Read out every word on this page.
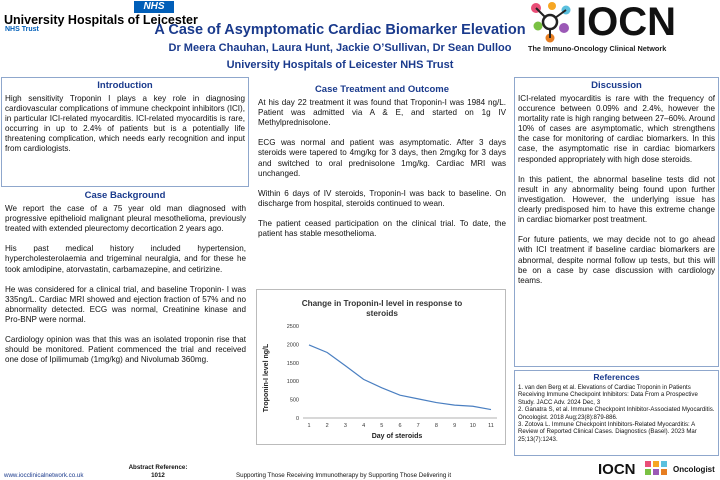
NHS
University Hospitals of Leicester
NHS Trust	A Case of Asymptomatic Cardiac Biomarker Elevation
Dr Meera Chauhan, Laura Hunt, Jackie O’Sullivan, Dr Sean Dulloo
University Hospitals of Leicester NHS Trust
IOCN
The Immuno-Oncology Clinical Network
Introduction

High sensitivity Troponin I plays a key role in diagnosing cardiovascular complications of immune checkpoint inhibitors (ICI), in particular ICI-related myocarditis. ICI-related myocarditis is rare, occurring in up to 2.4% of patients but is a potentially life threatening complication, which needs early recognition and input from cardiologists.

Case Background

We report the case of a 75 year old man diagnosed with progressive epithelioid malignant pleural mesothelioma, previously treated with extended pleurectomy decortication 2 years ago.

His past medical history included hypertension, hypercholesterolaemia and trigeminal neuralgia, and for these he took amlodipine, atorvastatin, carbamazepine, and cetirizine.

He was considered for a clinical trial, and baseline Troponin- I was 335ng/L. Cardiac MRI showed and ejection fraction of 57% and no abnormality detected. ECG was normal, Creatinine kinase and Pro-BNP were normal.

Cardiology opinion was that this was an isolated troponin rise that should be monitored. Patient commenced the trial and received one dose of Ipilimumab (1mg/kg) and Nivolumab 360mg.

Case Treatment and Outcome

At his day 22 treatment it was found that Troponin-I was 1984 ng/L. Patient was admitted via A & E, and started on 1g IV Methylprednisolone.

ECG was normal and patient was asymptomatic. After 3 days steroids were tapered to 4mg/kg for 3 days, then 2mg/kg for 3 days and switched to oral prednisolone 1mg/kg. Cardiac MRI was unchanged.

Within 6 days of IV steroids, Troponin-I was back to baseline. On discharge from hospital, steroids continued to wean.

The patient ceased participation on the clinical trial. To date, the patient has stable mesothelioma.

Change in Troponin-I level in response to
steroids
0
500
1000
1500
2000
2500
1	2	3	4	5	6	7	8	9 10 11
Troponin-I level ng/L
Day of steroids
Discussion

ICI-related myocarditis is rare with the frequency of occurence between 0.09% and 2.4%, however the mortality rate is high ranging between 27–60%. Around 10% of cases are asymptomatic, which strengthens the case for monitoring of cardiac biomarkers. In this case, the asymptomatic rise in cardiac biomarkers responded appropriately with high dose steroids.

In this patient, the abnormal baseline tests did not result in any abnormality being found upon further investigation. However, the underlying issue has clearly predisposed him to have this extreme change in cardiac biomarker post treatment.

For future patients, we may decide not to go ahead with ICI treatment if baseline cardiac biomarkers are abnormal, despite normal follow up tests, but this will be on a case by case discussion with cardiology teams.

References
1. van den Berg et al. Elevations of Cardiac Troponin in Patients Receiving Immune Checkpoint Inhibitors: Data From a Prospective Study. JACC Adv. 2024 Dec, 3
2. Ganatra S, et al. Immune Checkpoint Inhibitor-Associated Myocarditis. Oncologist. 2018 Aug;23(8):879-886.
3. Zotova L. Immune Checkpoint Inhibitors-Related Myocarditis: A Review of Reported Clinical Cases. Diagnostics (Basel). 2023 Mar 25;13(7):1243.
www.iocclinicalnetwork.co.uk
Abstract Reference:
1012	Supporting Those Receiving Immunotherapy by Supporting Those Delivering it	IOCN	Oncologist
